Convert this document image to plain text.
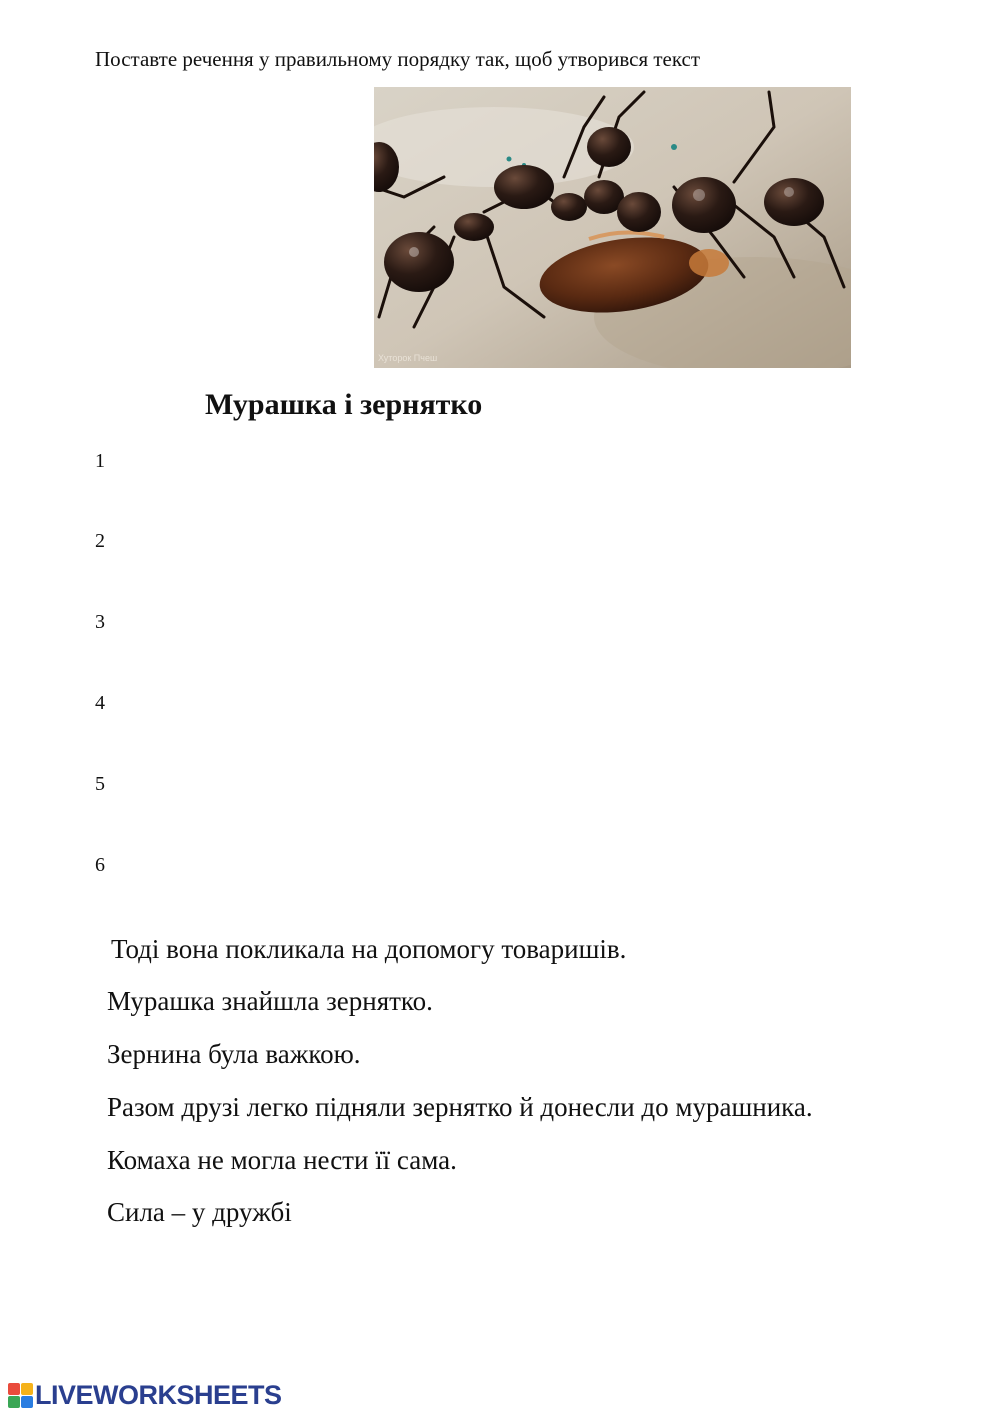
Поставте речення у правильному порядку так, щоб утворився текст
Хуторок Пчеш
Мурашка і зернятко
1
2
3
4
5
6
Тоді вона покликала на допомогу товаришів.
Мурашка знайшла зернятко.
Зернина була важкою.
Разом друзі легко підняли зернятко й донесли до мурашника.
Комаха не могла нести її сама.
Сила – у дружбі
LIVEWORKSHEETS
